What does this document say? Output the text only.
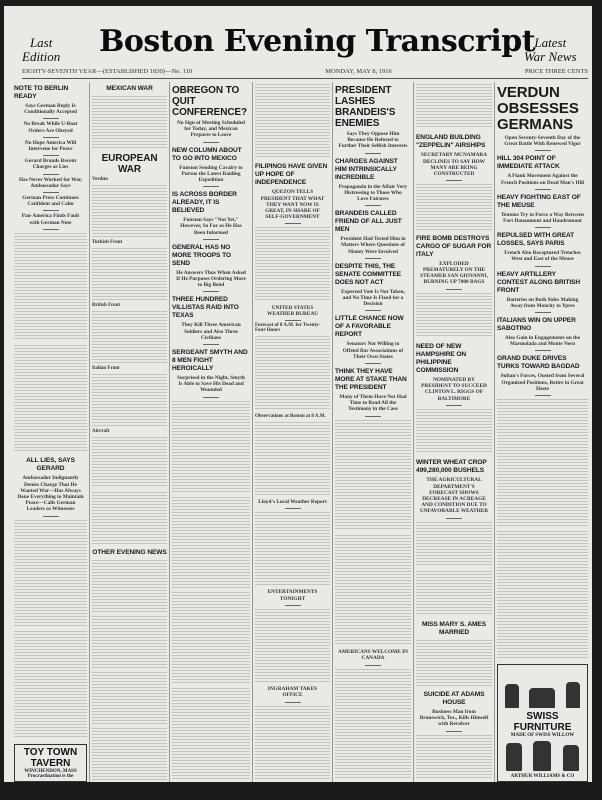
Last
Edition Boston Evening Transcript Latest
War News
EIGHTY-SEVENTH YEAR—(ESTABLISHED 1830)—No. 110	MONDAY, MAY 8, 1916	PRICE THREE CENTS
NOTE TO BERLIN READY
Says German Reply Is Conditionally Accepted
No Break While U-Boat Orders Are Obeyed
No Hope America Will Intervene for Peace
Gerard Brands Recent Charges as Lies
Has Never Worked for War, Ambassador Says
German Press Continues Confident and Calm
Pan-America Finds Fault with German Note
ALL LIES, SAYS GERARD
Ambassador Indignantly Denies Charge That He Wanted War—Has Always Done Everything to Maintain Peace—Calls German Leaders as Witnesses
TOY TOWN TAVERN
WINCHENDON, MASS
Procrastination is the
MEXICAN WAR
EUROPEAN WAR
Verdun
Turkish Front
British Front
Italian Front
Aircraft
OTHER EVENING NEWS
OBREGON TO QUIT CONFERENCE?
No Sign of Meeting Scheduled for Today, and Mexican Prepares to Leave
NEW COLUMN ABOUT TO GO INTO MEXICO
Funston Sending Cavalry to Pursue the Latest Raiding Expedition
IS ACROSS BORDER ALREADY, IT IS BELIEVED
Funston Says "Not Yet," However, So Far as He Has Been Informed
GENERAL HAS NO MORE TROOPS TO SEND
He Answers Thus When Asked If He Purposes Ordering More to Big Bend
THREE HUNDRED VILLISTAS RAID INTO TEXAS
They Kill Three American Soldiers and Also Three Civilians
SERGEANT SMYTH AND 8 MEN FIGHT HEROICALLY
Surprised in the Night, Smyth Is Able to Save His Dead and Wounded
FILIPINOS HAVE GIVEN UP HOPE OF INDEPENDENCE
QUEZON TELLS PRESIDENT THAT WHAT THEY WANT NOW IS GREAT, IN SHARE OF SELF-GOVERNMENT
UNITED STATES WEATHER BUREAU
Forecast of 8 A.M. for Twenty-Four Hours
Observations at Boston at 8 A.M.
Lloyd's Local Weather Report
ENTERTAINMENTS TONIGHT
INGRAHAM TAKES OFFICE
PRESIDENT LASHES BRANDEIS'S ENEMIES
Says They Oppose Him Because He Refused to Further Their Selfish Interests
CHARGES AGAINST HIM INTRINSICALLY INCREDIBLE
Propaganda in the Affair Very Distressing to Those Who Love Fairness
BRANDEIS CALLED FRIEND OF ALL JUST MEN
President Had Tested Him in Matters Where Questions of Money Were Involved
DESPITE THIS, THE SENATE COMMITTEE DOES NOT ACT
Expected Vote Is Not Taken, and No Time Is Fixed for a Decision
LITTLE CHANCE NOW OF A FAVORABLE REPORT
Senators Not Willing to Offend Bar Associations of Their Own States
THINK THEY HAVE MORE AT STAKE THAN THE PRESIDENT
Many of Them Have Not Had Time to Read All the Testimony in the Case
AMERICANS WELCOME IN CANADA
ENGLAND BUILDING "ZEPPELIN" AIRSHIPS
SECRETARY MCNAMARA DECLINES TO SAY HOW MANY ARE BEING CONSTRUCTED
FIRE BOMB DESTROYS CARGO OF SUGAR FOR ITALY
EXPLODED PREMATURELY ON THE STEAMER SAN GIOVANNI, BURNING UP 7000 BAGS
NEED OF NEW HAMPSHIRE ON PHILIPPINE COMMISSION
NOMINATED BY PRESIDENT TO SUCCEED CLINTON L. RIGGS OF BALTIMORE
WINTER WHEAT CROP 499,280,000 BUSHELS
THE AGRICULTURAL DEPARTMENT'S FORECAST SHOWS DECREASE IN ACREAGE AND CONDITION DUE TO UNFAVORABLE WEATHER
MISS MARY S. AMES MARRIED
SUICIDE AT ADAMS HOUSE
Business Man from Brunswick, Tex., Kills Himself with Revolver
VERDUN OBSESSES GERMANS
Open Seventy-Seventh Day of the Great Battle With Renewed Vigor
HILL 304 POINT OF IMMEDIATE ATTACK
A Flank Movement Against the French Positions on Dead Man's Hill
HEAVY FIGHTING EAST OF THE MEUSE
Teutons Try to Force a Way Between Fort Douaumont and Haudromont
REPULSED WITH GREAT LOSSES, SAYS PARIS
French Also Recaptured Trenches West and East of the Meuse
HEAVY ARTILLERY CONTEST ALONG BRITISH FRONT
Batteries on Both Sides Making Away from Monchy to Ypres
ITALIANS WIN ON UPPER SABOTINO
Also Gain in Engagements on the Marmolada and Monte Nero
GRAND DUKE DRIVES TURKS TOWARD BAGDAD
Sultan's Forces, Ousted from Several Organized Positions, Retire in Great Haste
SWISS FURNITURE
MADE OF SWISS WILLOW
ARTHUR WILLIAMS & CO
